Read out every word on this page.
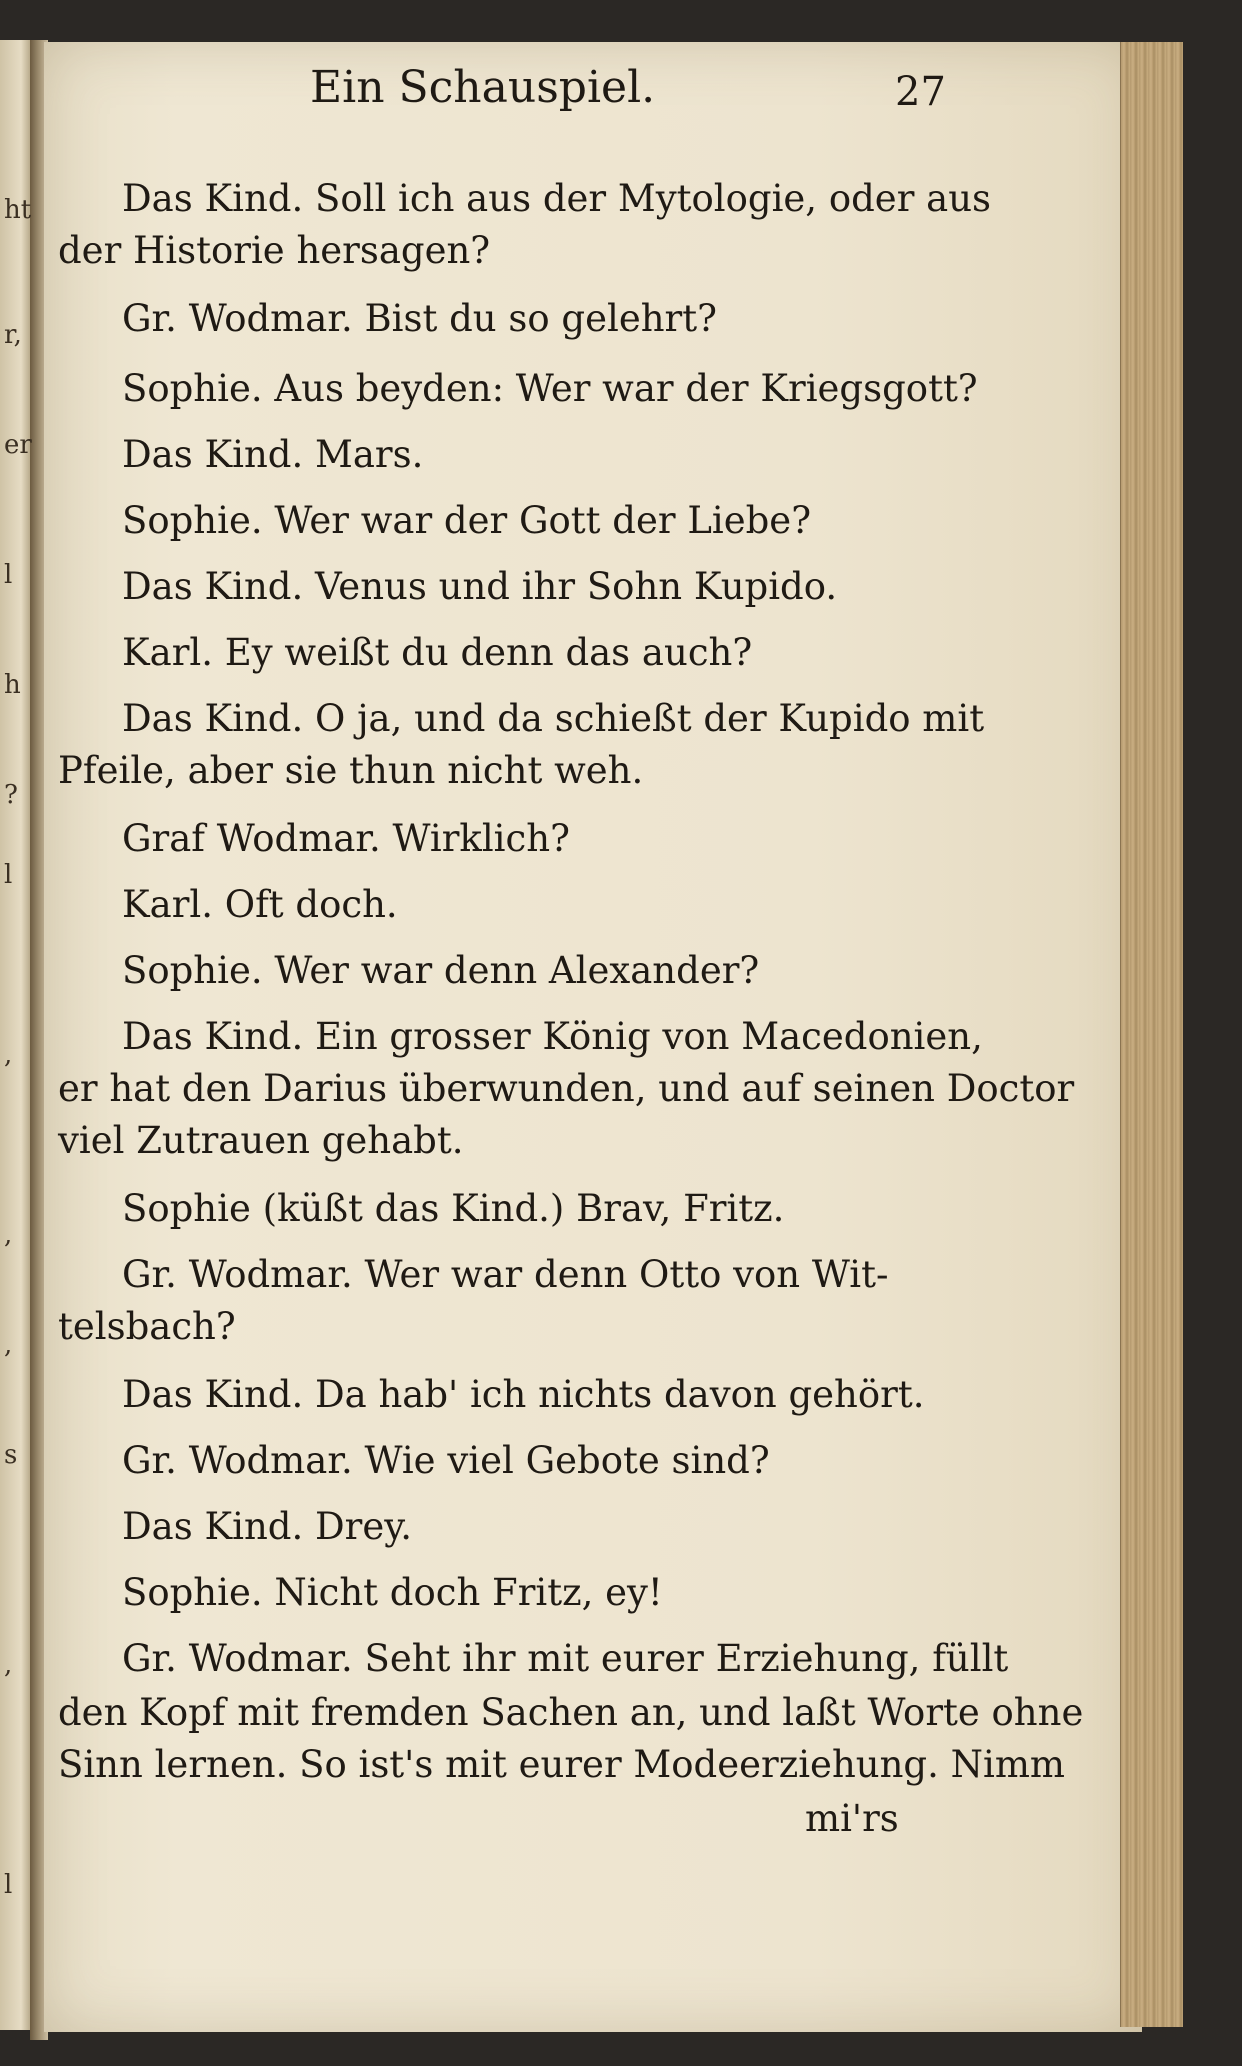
ht
r,
er
l
h
?
l
,
,
,
s
,
l
Ein Schauspiel.	27
Das Kind. Soll ich aus der Mytologie, oder aus
der Historie hersagen?
Gr. Wodmar. Bist du so gelehrt?
Sophie. Aus beyden: Wer war der Kriegsgott?
Das Kind. Mars.
Sophie. Wer war der Gott der Liebe?
Das Kind. Venus und ihr Sohn Kupido.
Karl. Ey weißt du denn das auch?
Das Kind. O ja, und da schießt der Kupido mit
Pfeile, aber sie thun nicht weh.
Graf Wodmar. Wirklich?
Karl. Oft doch.
Sophie. Wer war denn Alexander?
Das Kind. Ein grosser König von Macedonien,
er hat den Darius überwunden, und auf seinen Doctor
viel Zutrauen gehabt.
Sophie (küßt das Kind.) Brav, Fritz.
Gr. Wodmar. Wer war denn Otto von Wit-
telsbach?
Das Kind. Da hab' ich nichts davon gehört.
Gr. Wodmar. Wie viel Gebote sind?
Das Kind. Drey.
Sophie. Nicht doch Fritz, ey!
Gr. Wodmar. Seht ihr mit eurer Erziehung, füllt
den Kopf mit fremden Sachen an, und laßt Worte ohne
Sinn lernen. So ist's mit eurer Modeerziehung. Nimm
mi'rs
